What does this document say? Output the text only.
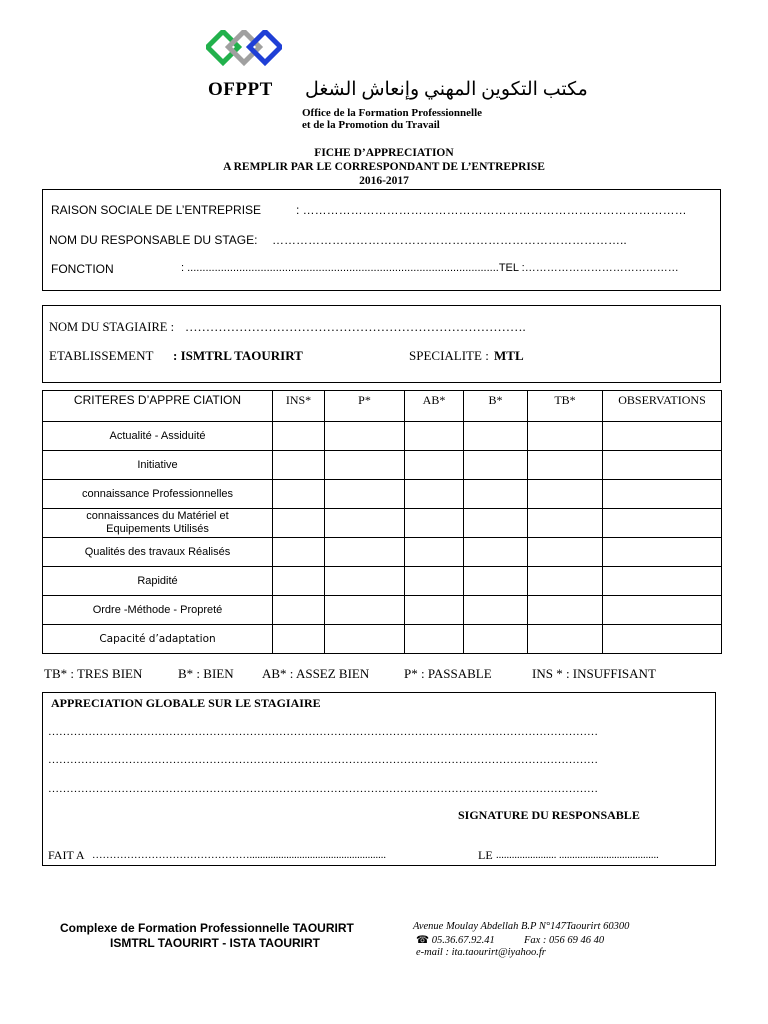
OFPPT مكتب التكوين المهني وإنعاش الشغل
Office de la Formation Professionnelle
et de la Promotion du Travail
FICHE D’APPRECIATION
A REMPLIR PAR LE CORRESPONDANT DE L’ENTREPRISE
2016-2017
RAISON SOCIALE DE L’ENTREPRISE	: ……………………………………………………………………………………
NOM DU RESPONSABLE DU STAGE: ……………………………………………………………………………..
FONCTION	: ......................................................................................................TEL :……………………………………
NOM DU STAGIAIRE : ……………………………………………………………………….
ETABLISSEMENT : ISMTRL TAOURIRT	SPECIALITE : MTL
CRITERES D’APPRE CIATION	INS*	P*	AB*	B*	TB*	OBSERVATIONS
Actualité - Assiduité						
Initiative						
connaissance Professionnelles						
connaissances du Matériel et Equipements Utilisés						
Qualités des travaux Réalisés						
Rapidité						
Ordre -Méthode - Propreté						
Capacité d’adaptation						
TB* : TRES BIEN	B* : BIEN AB* : ASSEZ BIEN	P* : PASSABLE	INS * : INSUFFISANT
APPRECIATION GLOBALE SUR LE STAGIAIRE
……………………………………………………………………………………………………………………………………
……………………………………………………………………………………………………………………………………
……………………………………………………………………………………………………………………………………
SIGNATURE DU RESPONSABLE
FAIT A ………………………………………....................................................	LE ....................... ......................................
Complexe de Formation Professionnelle TAOURIRT
ISMTRL TAOURIRT - ISTA TAOURIRT
Avenue Moulay Abdellah B.P N°147Taourirt 60300
☎ 05.36.67.92.41	Fax : 056 69 46 40
e-mail : ita.taourirt@iyahoo.fr
